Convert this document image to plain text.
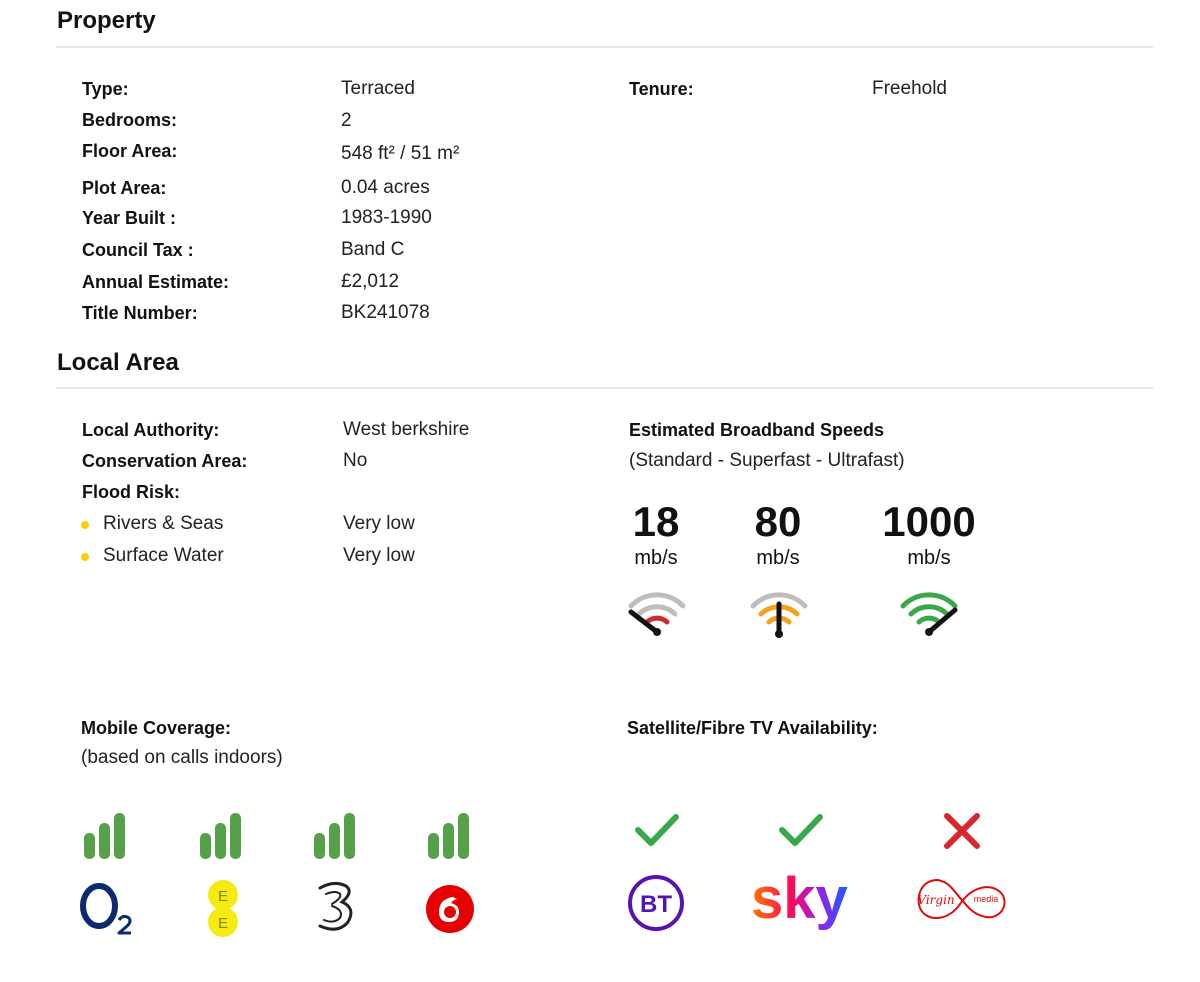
Property
Type:	Terraced
Bedrooms:	2
Floor Area:	548 ft² / 51 m²
Plot Area:	0.04 acres
Year Built :	1983-1990
Council Tax :	Band C
Annual Estimate:	£2,012
Title Number:	BK241078
Tenure:	Freehold
Local Area
Local Authority:	West berkshire
Conservation Area:	No
Flood Risk:
Rivers & Seas	Very low
Surface Water	Very low
Estimated Broadband Speeds
(Standard - Superfast - Ultrafast)
18
mb/s
80
mb/s
1000
mb/s
Mobile Coverage:
(based on calls indoors)
E
E
Satellite/Fibre TV Availability:
BT sky	Virgin media
